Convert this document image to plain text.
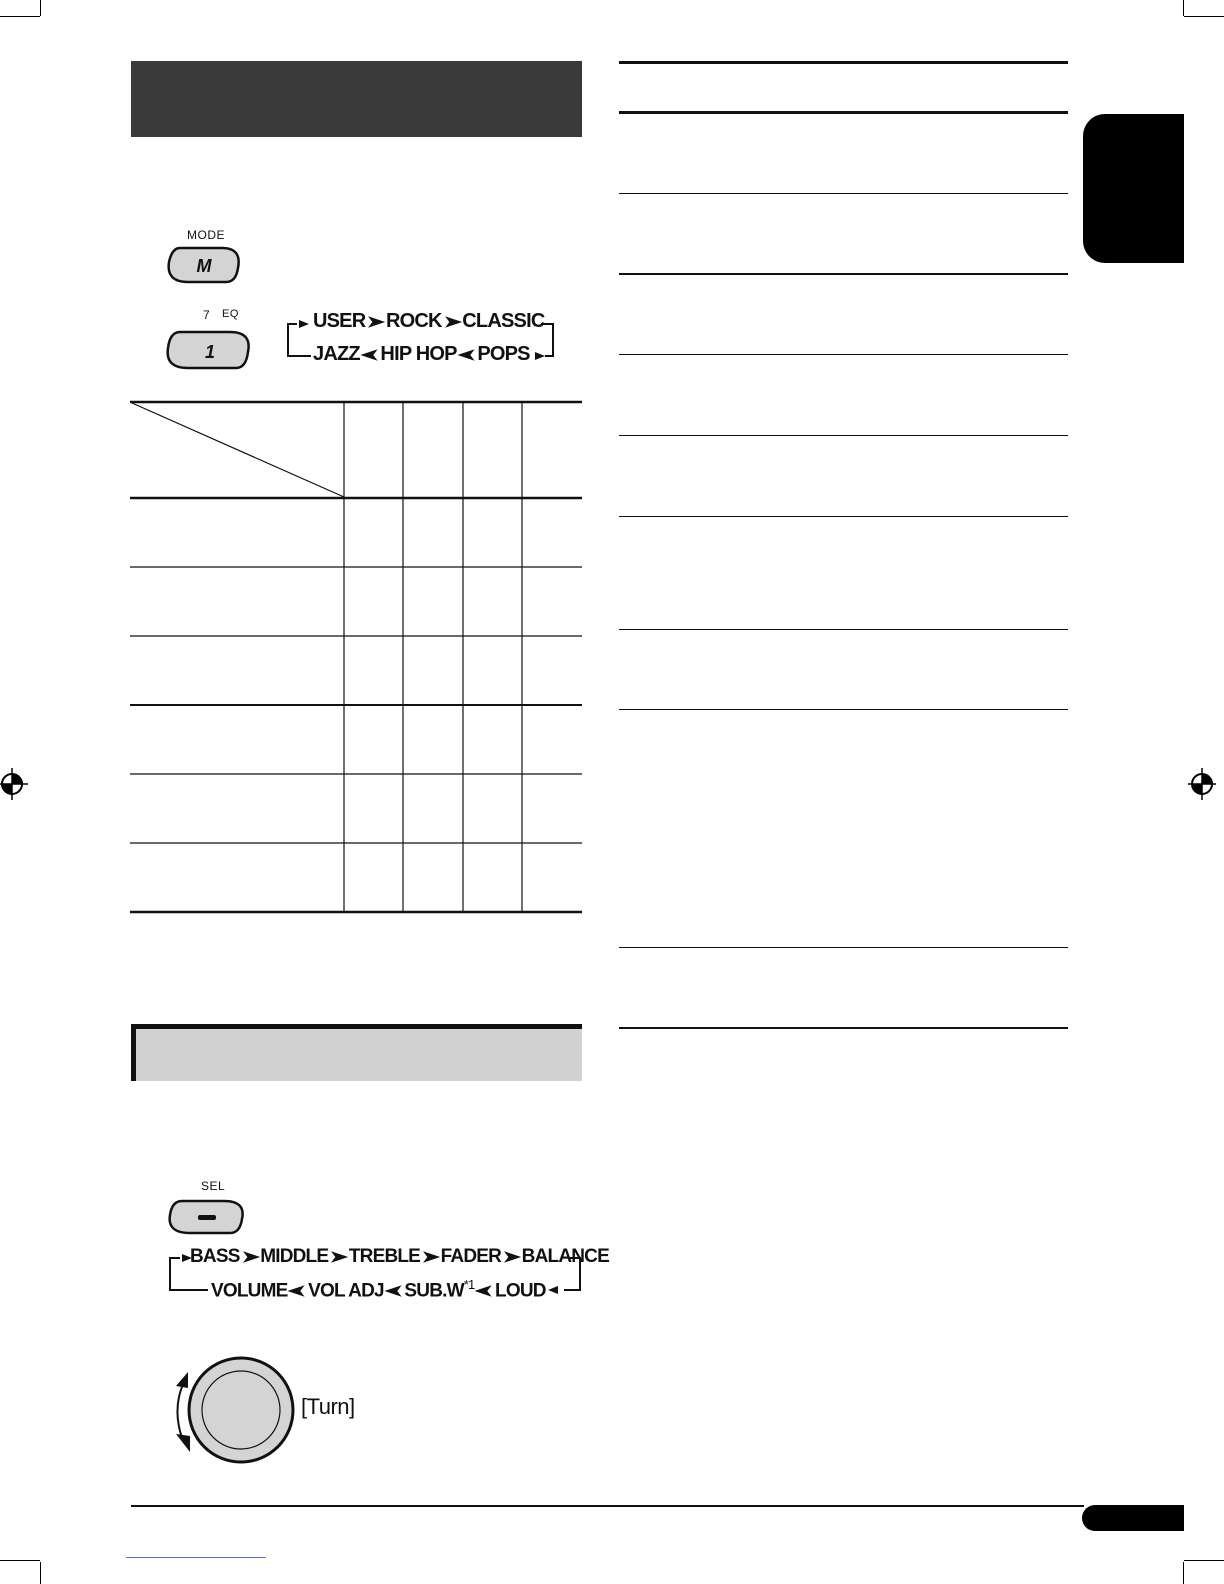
MODE
M
7 EQ
1
USER➤ROCK➤CLASSIC
JAZZ➤HIP HOP➤POPS
SEL
BASS➤MIDDLE➤TREBLE➤FADER➤BALANCE
VOLUME➤VOL $ADJ➤SUB.W^{*1}➤LOUD$
[Turn]
